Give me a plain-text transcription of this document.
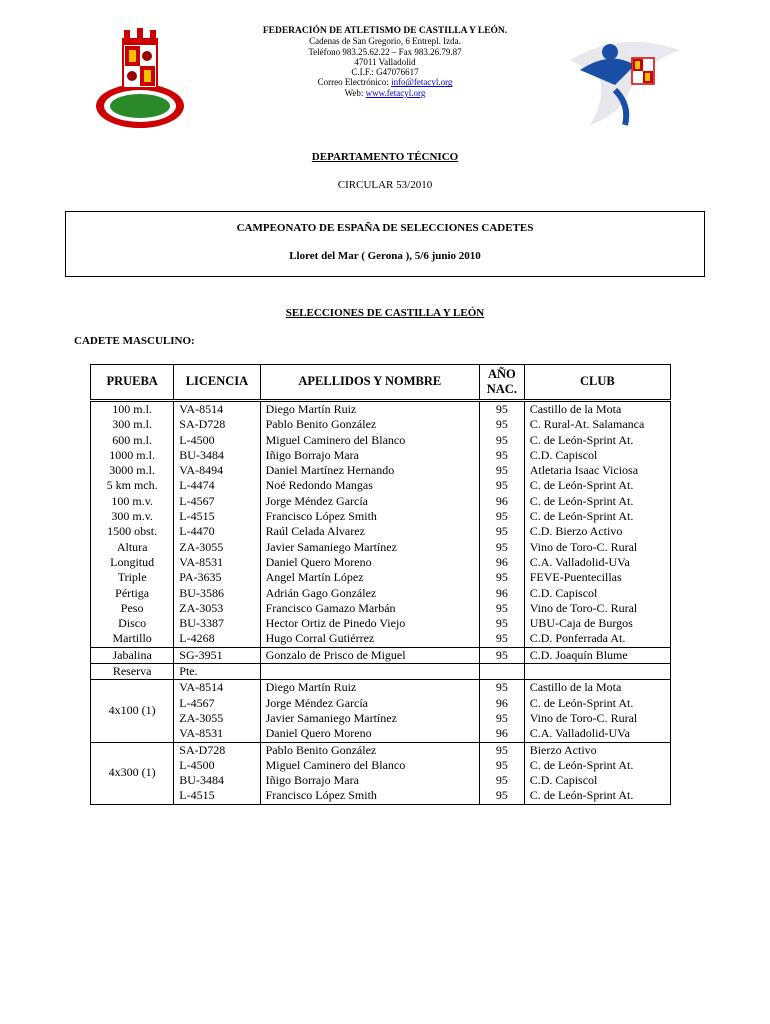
FEDERACIÓN DE ATLETISMO DE CASTILLA Y LEÓN.
Cadenas de San Gregorio, 6 Entrepl. Izda.
Teléfono 983.25.62.22 – Fax 983.26.79.87
47011 Valladolid
C.I.F.: G47076617
Correo Electrónico: info@fetacyl.org
Web: www.fetacyl.org
DEPARTAMENTO TÉCNICO
CIRCULAR 53/2010
CAMPEONATO DE ESPAÑA DE SELECCIONES CADETES
Lloret del Mar ( Gerona ), 5/6 junio 2010
SELECCIONES DE CASTILLA Y LEÓN
CADETE MASCULINO:
PRUEBA	LICENCIA	APELLIDOS Y NOMBRE	AÑO NAC.	CLUB
100 m.l.	VA-8514	Diego Martín Ruiz	95	Castillo de la Mota
300 m.l.	SA-D728	Pablo Benito González	95	C. Rural-At. Salamanca
600 m.l.	L-4500	Miguel Caminero del Blanco	95	C. de León-Sprint At.
1000 m.l.	BU-3484	Iñigo Borrajo Mara	95	C.D. Capiscol
3000 m.l.	VA-8494	Daniel Martínez Hernando	95	Atletaria Isaac Viciosa
5 km mch.	L-4474	Noé Redondo Mangas	95	C. de León-Sprint At.
100 m.v.	L-4567	Jorge Méndez García	96	C. de León-Sprint At.
300 m.v.	L-4515	Francisco López Smith	95	C. de León-Sprint At.
1500 obst.	L-4470	Raúl Celada Alvarez	95	C.D. Bierzo Activo
Altura	ZA-3055	Javier Samaniego Martínez	95	Vino de Toro-C. Rural
Longitud	VA-8531	Daniel Quero Moreno	96	C.A. Valladolid-UVa
Triple	PA-3635	Angel Martín López	95	FEVE-Puentecillas
Pértiga	BU-3586	Adrián Gago González	96	C.D. Capiscol
Peso	ZA-3053	Francisco Gamazo Marbán	95	Vino de Toro-C. Rural
Disco	BU-3387	Hector Ortiz de Pinedo Viejo	95	UBU-Caja de Burgos
Martillo	L-4268	Hugo Corral Gutiérrez	95	C.D. Ponferrada At.
Jabalina	SG-3951	Gonzalo de Prisco de Miguel	95	C.D. Joaquín Blume
Reserva	Pte.			
4x100 (1)	VA-8514	Diego Martín Ruiz	95	Castillo de la Mota
	L-4567	Jorge Méndez García	96	C. de León-Sprint At.
	ZA-3055	Javier Samaniego Martínez	95	Vino de Toro-C. Rural
	VA-8531	Daniel Quero Moreno	96	C.A. Valladolid-UVa
4x300 (1)	SA-D728	Pablo Benito González	95	Bierzo Activo
	L-4500	Miguel Caminero del Blanco	95	C. de León-Sprint At.
	BU-3484	Iñigo Borrajo Mara	95	C.D. Capiscol
	L-4515	Francisco López Smith	95	C. de León-Sprint At.
